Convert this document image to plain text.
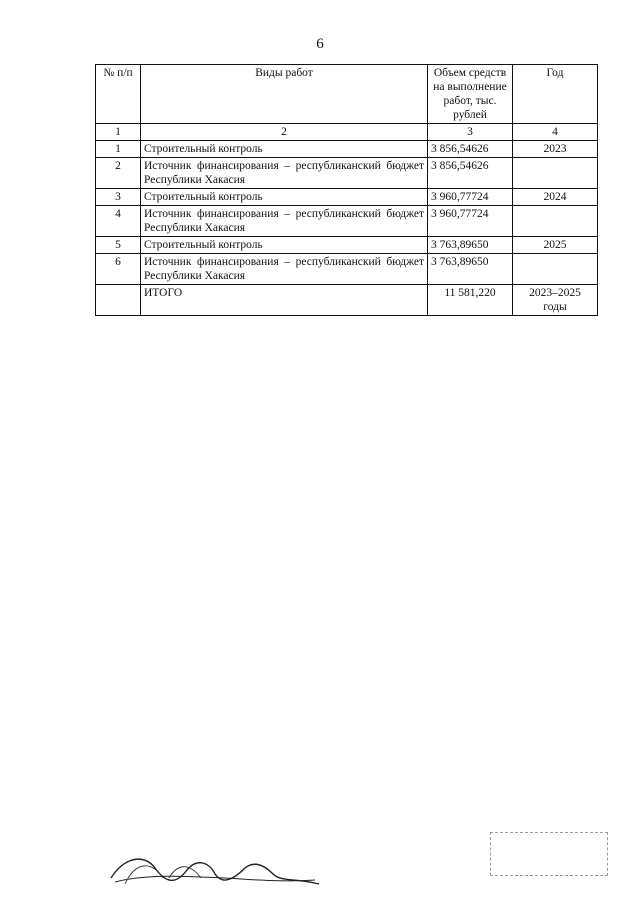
6
№ п/п	Виды работ	Объем средств на выполнение работ, тыс. рублей	Год
1	2	3	4
1	Строительный контроль	3 856,54626	2023
2	Источник финансирования – республиканский бюджет Республики Хакасия	3 856,54626	
3	Строительный контроль	3 960,77724	2024
4	Источник финансирования – республиканский бюджет Республики Хакасия	3 960,77724	
5	Строительный контроль	3 763,89650	2025
6	Источник финансирования – республиканский бюджет Республики Хакасия	3 763,89650	
	ИТОГО	11 581,220	2023–2025 годы
